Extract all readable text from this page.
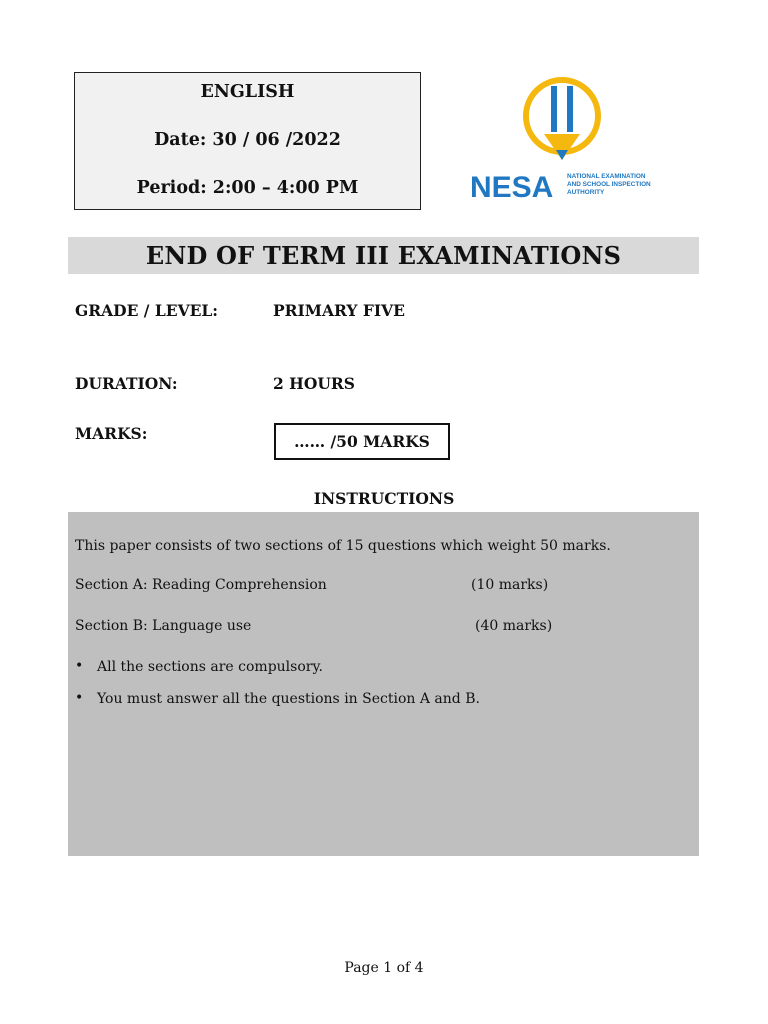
ENGLISH
Date: 30 / 06 /2022
Period: 2:00 – 4:00 PM	NESA NATIONAL EXAMINATION
AND SCHOOL INSPECTION
AUTHORITY
END OF TERM III EXAMINATIONS
GRADE / LEVEL:	PRIMARY FIVE
DURATION:	2 HOURS
MARKS:	…… /50 MARKS
INSTRUCTIONS
This paper consists of two sections of 15 questions which weight 50 marks.
Section A: Reading Comprehension	(10 marks)
Section B: Language use	(40 marks)
• All the sections are compulsory.
• You must answer all the questions in Section A and B.
Page 1 of 4
